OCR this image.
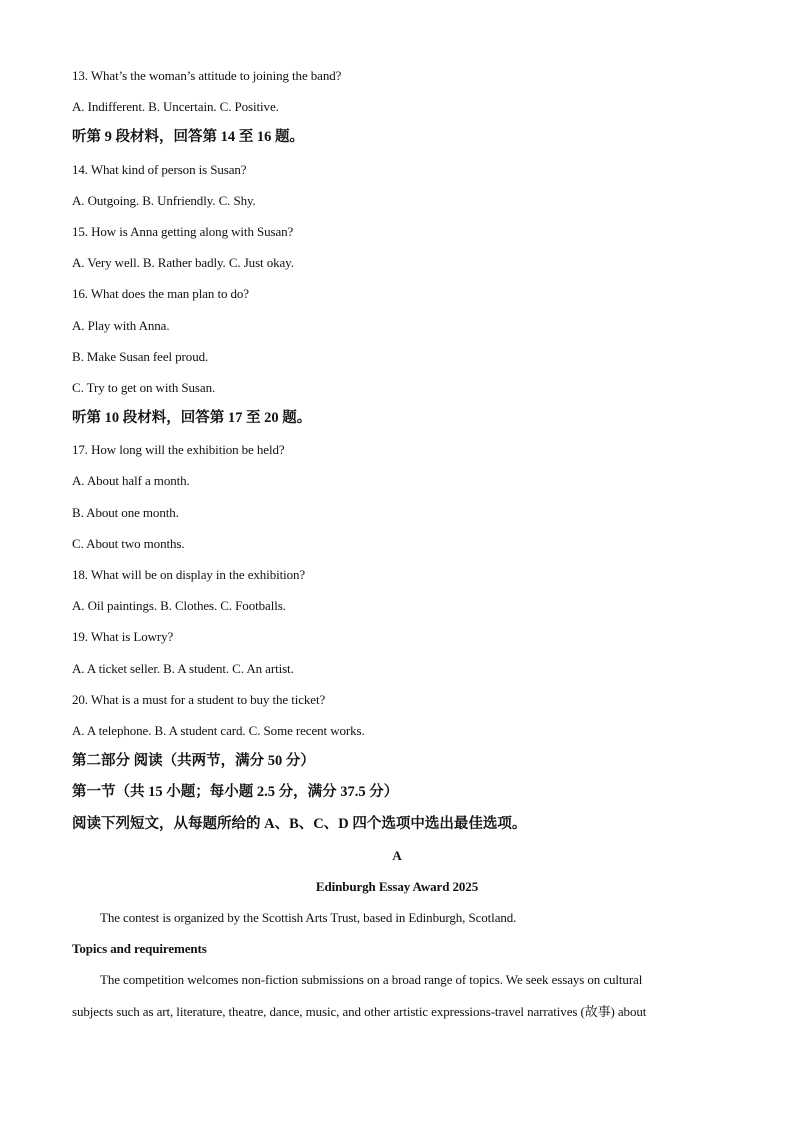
13. What’s the woman’s attitude to joining the band?
A. Indifferent. B. Uncertain. C. Positive.
听第 9 段材料，回答第 14 至 16 题。
14. What kind of person is Susan?
A. Outgoing. B. Unfriendly. C. Shy.
15. How is Anna getting along with Susan?
A. Very well. B. Rather badly. C. Just okay.
16. What does the man plan to do?
A. Play with Anna.
B. Make Susan feel proud.
C. Try to get on with Susan.
听第 10 段材料，回答第 17 至 20 题。
17. How long will the exhibition be held?
A. About half a month.
B. About one month.
C. About two months.
18. What will be on display in the exhibition?
A. Oil paintings. B. Clothes. C. Footballs.
19. What is Lowry?
A. A ticket seller. B. A student. C. An artist.
20. What is a must for a student to buy the ticket?
A. A telephone. B. A student card. C. Some recent works.
第二部分 阅读（共两节，满分 50 分）
第一节（共 15 小题；每小题 2.5 分，满分 37.5 分）
阅读下列短文，从每题所给的 A、B、C、D 四个选项中选出最佳选项。
A
Edinburgh Essay Award 2025
The contest is organized by the Scottish Arts Trust, based in Edinburgh, Scotland.
Topics and requirements
The competition welcomes non-fiction submissions on a broad range of topics. We seek essays on cultural
subjects such as art, literature, theatre, dance, music, and other artistic expressions-travel narratives (故事) about
